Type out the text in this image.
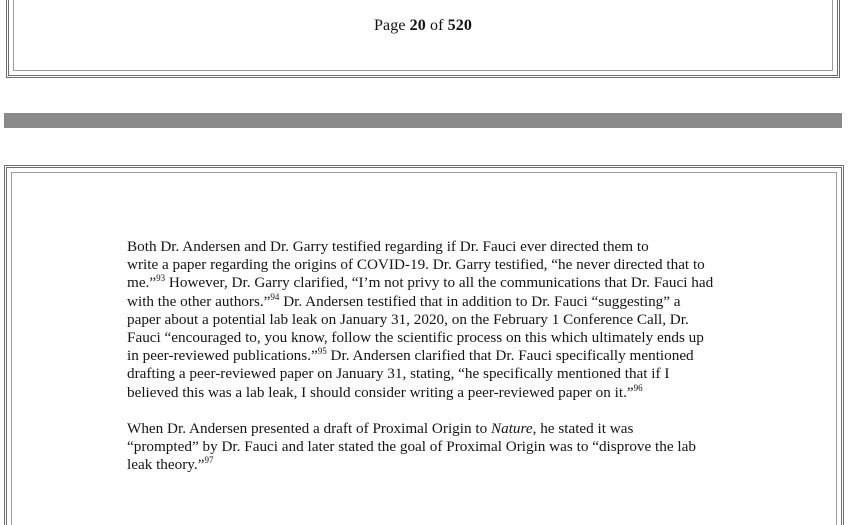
Page 20 of 520

Both Dr. Andersen and Dr. Garry testified regarding if Dr. Fauci ever directed them to
write a paper regarding the origins of COVID-19. Dr. Garry testified, “he never directed that to
me.”$^{93}$ However, Dr. Garry clarified, “I’m not privy to all the communications that Dr. Fauci had
with the other authors.”$^{94}$ Dr. Andersen testified that in addition to Dr. Fauci “suggesting” a
paper about a potential lab leak on January 31, 2020, on the February 1 Conference Call, Dr.
Fauci “encouraged to, you know, follow the scientific process on this which ultimately ends up
in peer-reviewed publications.”$^{95}$ Dr. Andersen clarified that Dr. Fauci specifically mentioned
drafting a peer-reviewed paper on January 31, stating, “he specifically mentioned that if I
believed this was a lab leak, I should consider writing a peer-reviewed paper on it.”$^{96}$

When Dr. Andersen presented a draft of Proximal Origin to Nature, he stated it was
“prompted” by Dr. Fauci and later stated the goal of Proximal Origin was to “disprove the lab
leak theory.”$^{97}$
